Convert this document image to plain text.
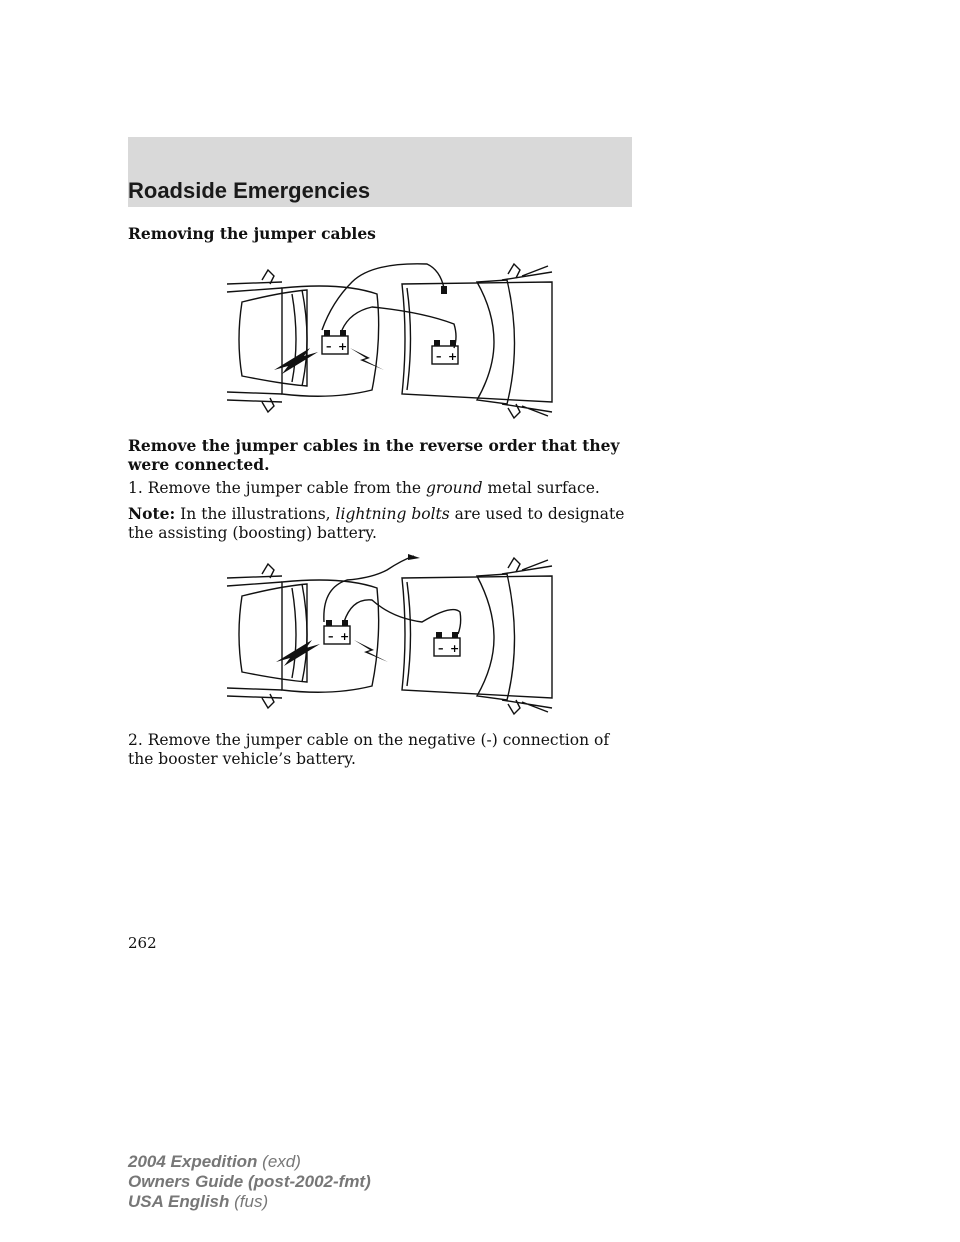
Roadside Emergencies
Removing the jumper cables
– +
– +
Remove the jumper cables in the reverse order that they were connected.
1. Remove the jumper cable from the ground metal surface.
Note: In the illustrations, lightning bolts are used to designate the assisting (boosting) battery.
– +
– +
2. Remove the jumper cable on the negative (-) connection of the booster vehicle’s battery.
262
2004 Expedition (exd)
Owners Guide (post-2002-fmt)
USA English (fus)
